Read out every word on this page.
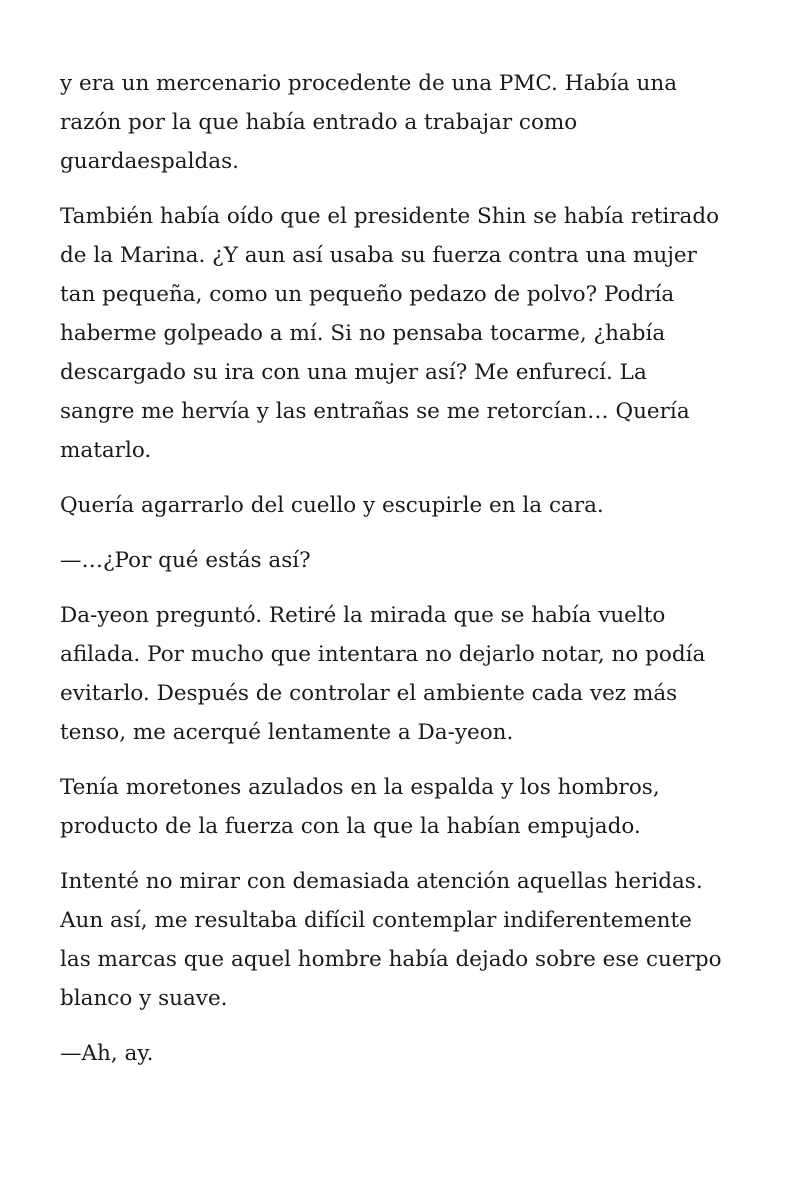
y era un mercenario procedente de una PMC. Había una
razón por la que había entrado a trabajar como
guardaespaldas.

También había oído que el presidente Shin se había retirado
de la Marina. ¿Y aun así usaba su fuerza contra una mujer
tan pequeña, como un pequeño pedazo de polvo? Podría
haberme golpeado a mí. Si no pensaba tocarme, ¿había
descargado su ira con una mujer así? Me enfurecí. La
sangre me hervía y las entrañas se me retorcían… Quería
matarlo.

Quería agarrarlo del cuello y escupirle en la cara.

—…¿Por qué estás así?

Da-yeon preguntó. Retiré la mirada que se había vuelto
afilada. Por mucho que intentara no dejarlo notar, no podía
evitarlo. Después de controlar el ambiente cada vez más
tenso, me acerqué lentamente a Da-yeon.

Tenía moretones azulados en la espalda y los hombros,
producto de la fuerza con la que la habían empujado.

Intenté no mirar con demasiada atención aquellas heridas.
Aun así, me resultaba difícil contemplar indiferentemente
las marcas que aquel hombre había dejado sobre ese cuerpo
blanco y suave.

—Ah, ay.
